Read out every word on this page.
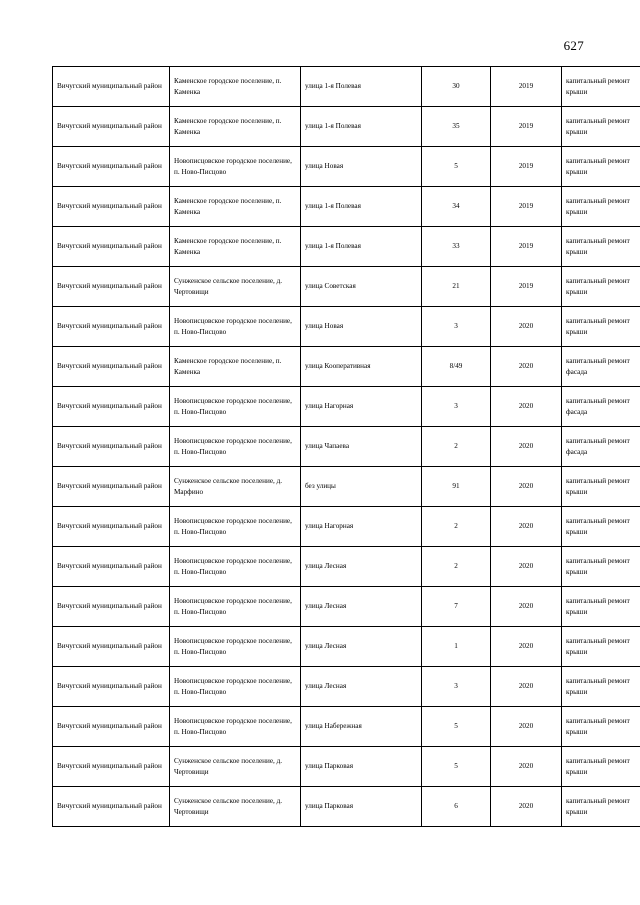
627
Вичугский муниципальный район	Каменское городское поселение, п. Каменка	улица 1-я Полевая	30	2019	капитальный ремонт крыши
Вичугский муниципальный район	Каменское городское поселение, п. Каменка	улица 1-я Полевая	35	2019	капитальный ремонт крыши
Вичугский муниципальный район	Новописцовское городское поселение, п. Ново-Писцово	улица Новая	5	2019	капитальный ремонт крыши
Вичугский муниципальный район	Каменское городское поселение, п. Каменка	улица 1-я Полевая	34	2019	капитальный ремонт крыши
Вичугский муниципальный район	Каменское городское поселение, п. Каменка	улица 1-я Полевая	33	2019	капитальный ремонт крыши
Вичугский муниципальный район	Сунженское сельское поселение, д. Чертовищи	улица Советская	21	2019	капитальный ремонт крыши
Вичугский муниципальный район	Новописцовское городское поселение, п. Ново-Писцово	улица Новая	3	2020	капитальный ремонт крыши
Вичугский муниципальный район	Каменское городское поселение, п. Каменка	улица Кооперативная	8/49	2020	капитальный ремонт фасада
Вичугский муниципальный район	Новописцовское городское поселение, п. Ново-Писцово	улица Нагорная	3	2020	капитальный ремонт фасада
Вичугский муниципальный район	Новописцовское городское поселение, п. Ново-Писцово	улица Чапаева	2	2020	капитальный ремонт фасада
Вичугский муниципальный район	Сунженское сельское поселение, д. Марфино	без улицы	91	2020	капитальный ремонт крыши
Вичугский муниципальный район	Новописцовское городское поселение, п. Ново-Писцово	улица Нагорная	2	2020	капитальный ремонт крыши
Вичугский муниципальный район	Новописцовское городское поселение, п. Ново-Писцово	улица Лесная	2	2020	капитальный ремонт крыши
Вичугский муниципальный район	Новописцовское городское поселение, п. Ново-Писцово	улица Лесная	7	2020	капитальный ремонт крыши
Вичугский муниципальный район	Новописцовское городское поселение, п. Ново-Писцово	улица Лесная	1	2020	капитальный ремонт крыши
Вичугский муниципальный район	Новописцовское городское поселение, п. Ново-Писцово	улица Лесная	3	2020	капитальный ремонт крыши
Вичугский муниципальный район	Новописцовское городское поселение, п. Ново-Писцово	улица Набережная	5	2020	капитальный ремонт крыши
Вичугский муниципальный район	Сунженское сельское поселение, д. Чертовищи	улица Парковая	5	2020	капитальный ремонт крыши
Вичугский муниципальный район	Сунженское сельское поселение, д. Чертовищи	улица Парковая	6	2020	капитальный ремонт крыши
